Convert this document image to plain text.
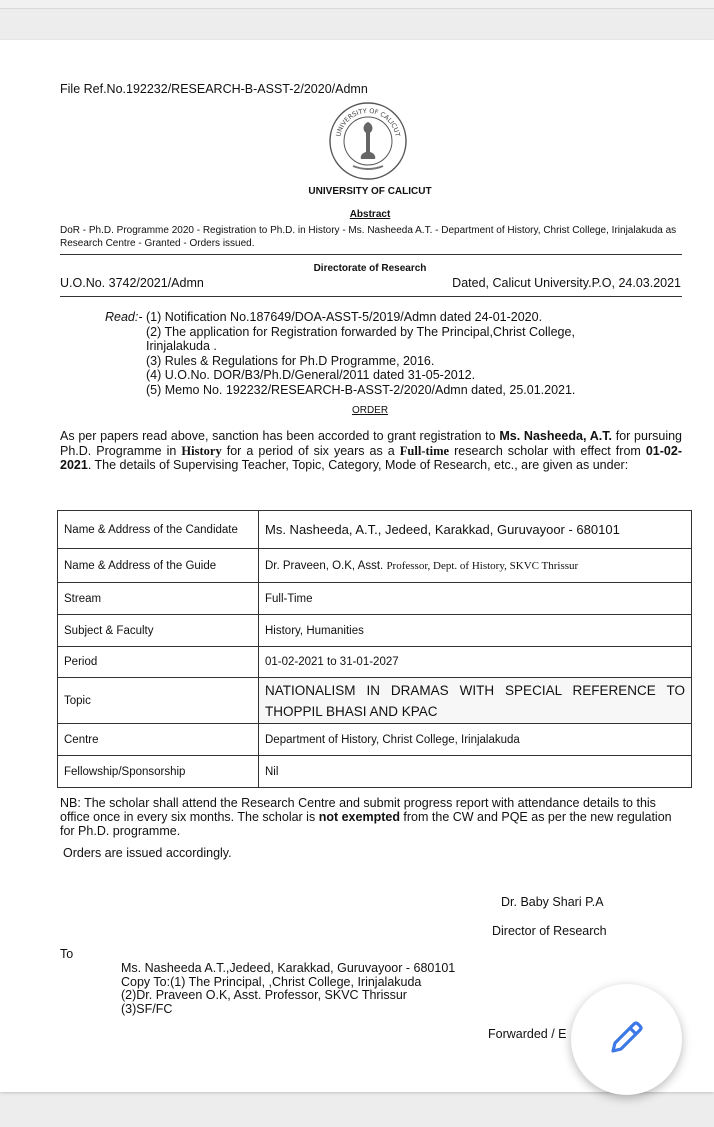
File Ref.No.192232/RESEARCH-B-ASST-2/2020/Admn
UNIVERSITY OF CALICUT
UNIVERSITY OF CALICUT
Abstract
DoR - Ph.D. Programme 2020 - Registration to Ph.D. in History - Ms. Nasheeda A.T. - Department of History, Christ College, Irinjalakuda as Research Centre - Granted - Orders issued.
Directorate of Research
U.O.No. 3742/2021/Admn	Dated, Calicut University.P.O, 24.03.2021
Read:- (1) Notification No.187649/DOA-ASST-5/2019/Admn dated 24-01-2020.
(2) The application for Registration forwarded by The Principal,Christ College,
Irinjalakuda .
(3) Rules & Regulations for Ph.D Programme, 2016.
(4) U.O.No. DOR/B3/Ph.D/General/2011 dated 31-05-2012.
(5) Memo No. 192232/RESEARCH-B-ASST-2/2020/Admn dated, 25.01.2021.
ORDER
As per papers read above, sanction has been accorded to grant registration to Ms. Nasheeda, A.T. for pursuing Ph.D. Programme in History for a period of six years as a Full-time research scholar with effect from 01-02-2021. The details of Supervising Teacher, Topic, Category, Mode of Research, etc., are given as under:
Name & Address of the Candidate	Ms. Nasheeda, A.T., Jedeed, Karakkad, Guruvayoor - 680101
Name & Address of the Guide	Dr. Praveen, O.K, Asst. Professor, Dept. of History, SKVC Thrissur
Stream	Full-Time
Subject & Faculty	History, Humanities
Period	01-02-2021 to 31-01-2027
Topic	NATIONALISM IN DRAMAS WITH SPECIAL REFERENCE TO THOPPIL BHASI AND KPAC
Centre	Department of History, Christ College, Irinjalakuda
Fellowship/Sponsorship	Nil
NB: The scholar shall attend the Research Centre and submit progress report with attendance details to this office once in every six months. The scholar is not exempted from the CW and PQE as per the new regulation for Ph.D. programme.
Orders are issued accordingly.
Dr. Baby Shari P.A
Director of Research
To
Ms. Nasheeda A.T.,Jedeed, Karakkad, Guruvayoor - 680101
Copy To:(1) The Principal, ,Christ College, Irinjalakuda
(2)Dr. Praveen O.K, Asst. Professor, SKVC Thrissur
(3)SF/FC
Forwarded / E
